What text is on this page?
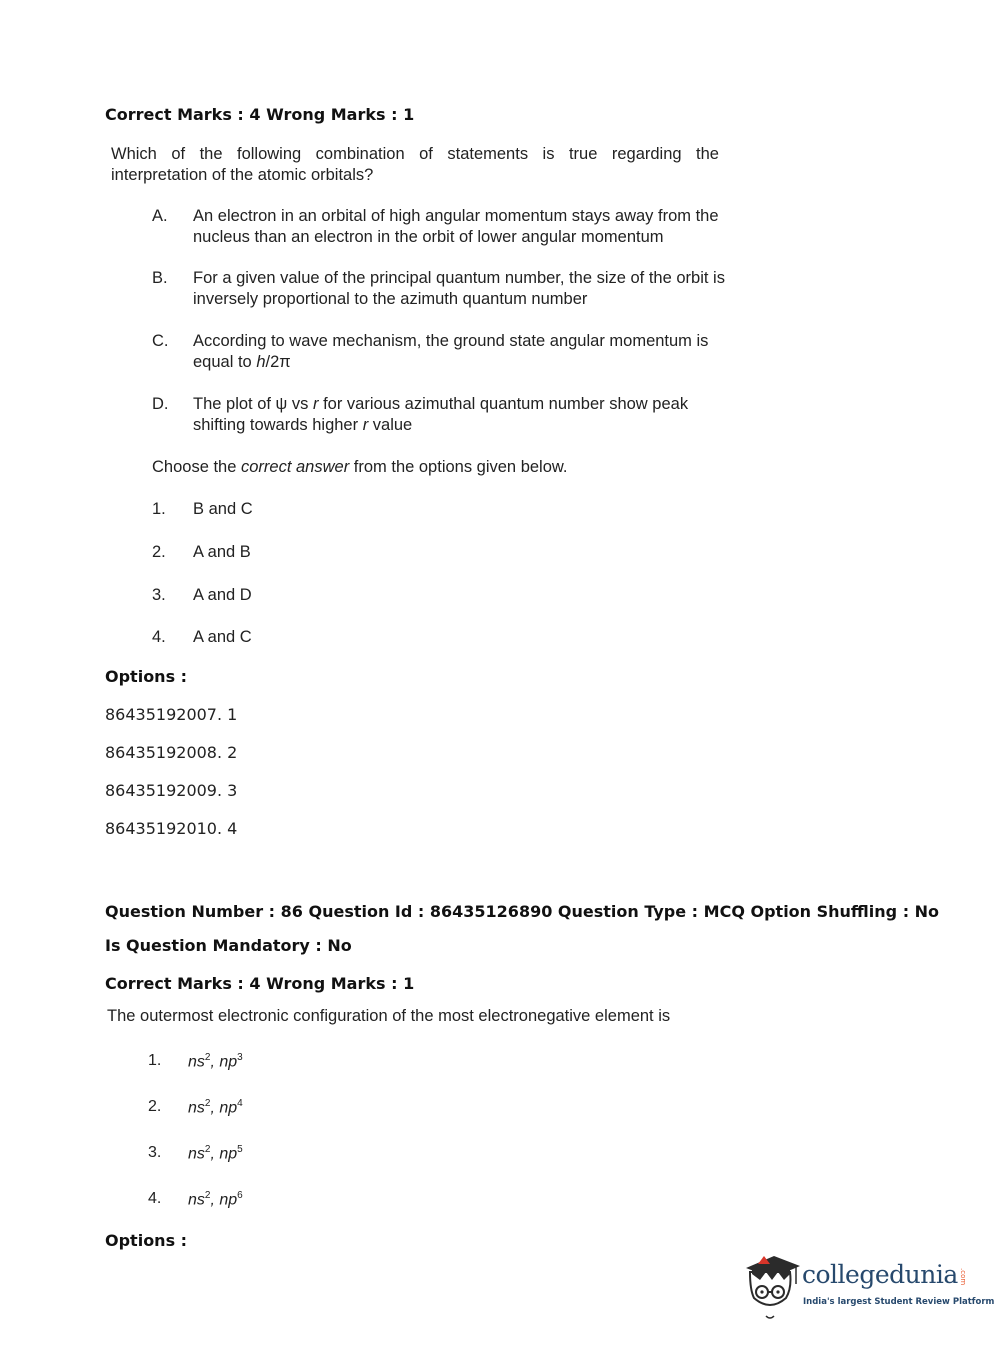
Correct Marks : 4 Wrong Marks : 1
Which of the following combination of statements is true regarding the interpretation of the atomic orbitals?
A. An electron in an orbital of high angular momentum stays away from the nucleus than an electron in the orbit of lower angular momentum
B. For a given value of the principal quantum number, the size of the orbit is inversely proportional to the azimuth quantum number
C. According to wave mechanism, the ground state angular momentum is equal to h/2π
D. The plot of ψ vs r for various azimuthal quantum number show peak shifting towards higher r value
Choose the correct answer from the options given below.
1. B and C
2. A and B
3. A and D
4. A and C
Options :
86435192007. 1
86435192008. 2
86435192009. 3
86435192010. 4
Question Number : 86 Question Id : 86435126890 Question Type : MCQ Option Shuffling : No
Is Question Mandatory : No
Correct Marks : 4 Wrong Marks : 1
The outermost electronic configuration of the most electronegative element is
1. $ns^2$, $np^3$
2. $ns^2$, $np^4$
3. $ns^2$, $np^5$
4. $ns^2$, $np^6$
Options :
collegedunia .com
India's largest Student Review Platform
